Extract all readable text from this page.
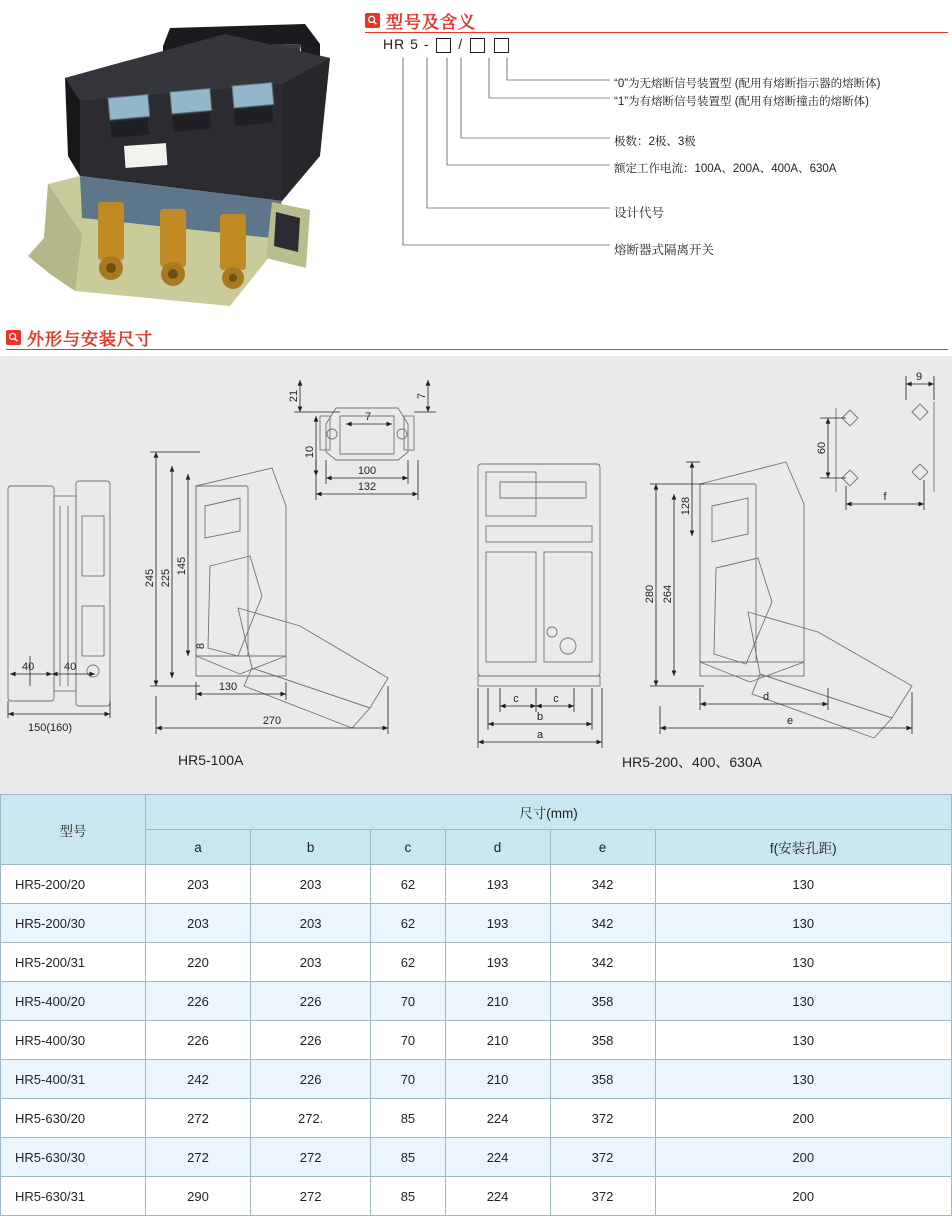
型号及含义
HR 5 - /
“0”为无熔断信号装置型 (配用有熔断指示器的熔断体)
“1”为有熔断信号装置型 (配用有熔断撞击的熔断体)
极数：2极、3极
额定工作电流：100A、200A、400A、630A
设计代号
熔断器式隔离开关
外形与安装尺寸
40	40
150(160)
245 225
145
8
130
270
21	7
7
10
100
132
c	c
b
a
280 264
128
d
e
9
60
f
HR5-100A	HR5-200、400、630A
型号	尺寸(mm)					
	a	b	c	d	e	f(安装孔距)
HR5-200/20	203	203	62	193	342	130
HR5-200/30	203	203	62	193	342	130
HR5-200/31	220	203	62	193	342	130
HR5-400/20	226	226	70	210	358	130
HR5-400/30	226	226	70	210	358	130
HR5-400/31	242	226	70	210	358	130
HR5-630/20	272	272.	85	224	372	200
HR5-630/30	272	272	85	224	372	200
HR5-630/31	290	272	85	224	372	200
